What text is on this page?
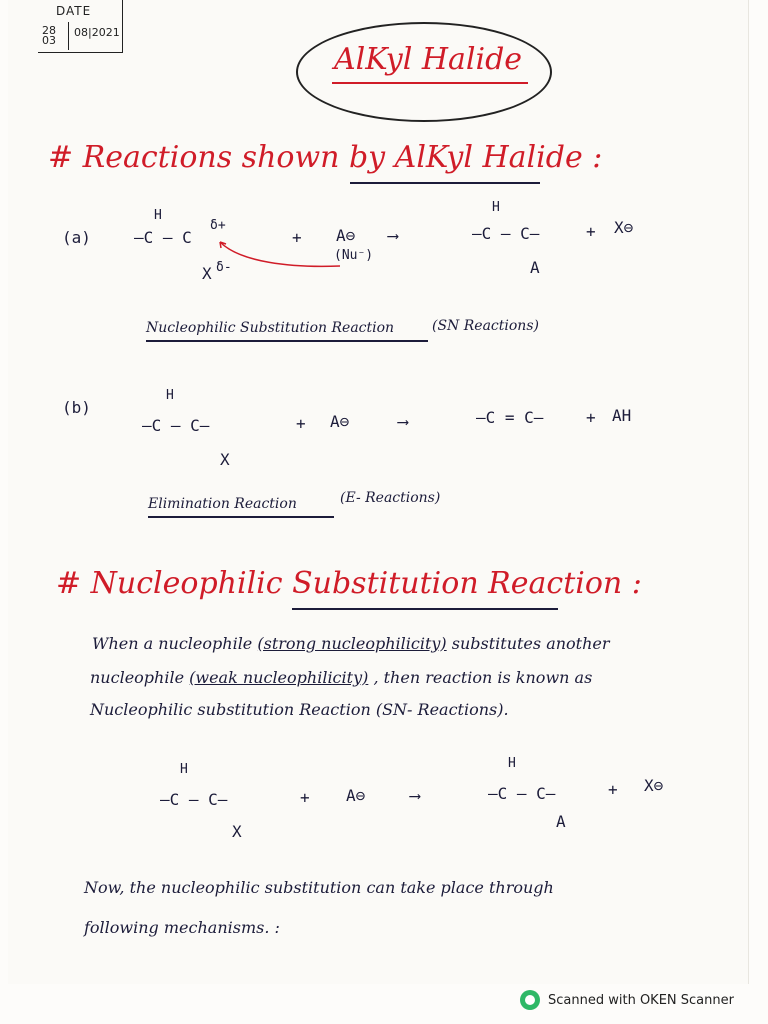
DATE
28
03
08|2021
AlKyl Halide
# Reactions shown by AlKyl Halide :
(a)
H
—C — C
δ+
X δ-
+ A⊖
(Nu⁻)
⟶
H
—C — C—
A
+ X⊖
Nucleophilic Substitution Reaction	(SN Reactions)
(b)
H
—C — C—
X
+ A⊖	⟶	—C = C—	+ AH
Elimination Reaction	(E- Reactions)
# Nucleophilic Substitution Reaction :
When a nucleophile (strong nucleophilicity) substitutes another
nucleophile (weak nucleophilicity) , then reaction is known as
Nucleophilic substitution Reaction (SN- Reactions).
H
—C — C—
X
+ A⊖	⟶
H
—C — C—
A
+ X⊖
Now, the nucleophilic substitution can take place through
following mechanisms. :
Scanned with OKEN Scanner
